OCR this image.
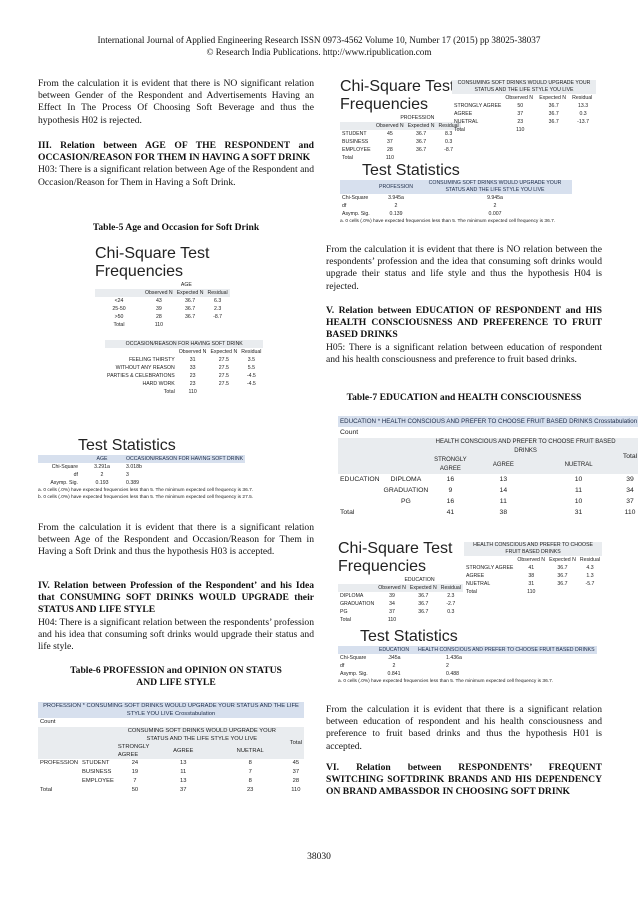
International Journal of Applied Engineering Research ISSN 0973-4562 Volume 10, Number 17 (2015) pp 38025-38037
© Research India Publications. http://www.ripublication.com

From the calculation it is evident that there is NO significant relation between Gender of the Respondent and Advertisements Having an Effect In The Process Of Choosing Soft Beverage and thus the hypothesis H02 is rejected.

III. Relation between AGE OF THE RESPONDENT and OCCASION/REASON FOR THEM IN HAVING A SOFT DRINK

H03: There is a significant relation between Age of the Respondent and Occasion/Reason for Them in Having a Soft Drink.

Table-5 Age and Occasion for Soft Drink
Chi-Square Test
Frequencies
	AGE		
	Observed N	Expected N	Residual
<24	43	36.7	6.3
25-50	39	36.7	2.3
>50	28	36.7	-8.7
Total	110		
OCCASION/REASON FOR HAVING SOFT DRINK			
	Observed N	Expected N	Residual
FEELING THIRSTY	31	27.5	3.5
WITHOUT ANY REASON	33	27.5	5.5
PARTIES & CELEBRATIONS	23	27.5	-4.5
HARD WORK	23	27.5	-4.5
Total	110		
Test Statistics
	AGE	OCCASION/REASON FOR HAVING SOFT DRINK
Chi-Square	3.291a	3.018b
df	2	3
Asymp. Sig.	0.193	0.389
a. 0 cells (.0%) have expected frequencies less than 5. The minimum expected cell frequency is 36.7.
b. 0 cells (.0%) have expected frequencies less than 5. The minimum expected cell frequency is 27.5.

From the calculation it is evident that there is a significant relation between Age of the Respondent and Occasion/Reason for Them in Having a Soft Drink and thus the hypothesis H03 is accepted.

IV. Relation between Profession of the Respondent’ and his Idea that CONSUMING SOFT DRINKS WOULD UPGRADE their STATUS AND LIFE STYLE

H04: There is a significant relation between the respondents’ profession and his idea that consuming soft drinks would upgrade their status and life style.

Table-6 PROFESSION and OPINION ON STATUS AND LIFE STYLE
PROFESSION * CONSUMING SOFT DRINKS WOULD UPGRADE YOUR STATUS AND THE LIFE STYLE YOU LIVE Crosstabulation					
Count					
		CONSUMING SOFT DRINKS WOULD UPGRADE YOUR STATUS AND THE LIFE STYLE YOU LIVE			Total
		STRONGLY AGREE	AGREE	NUETRAL	
PROFESSION	STUDENT	24	13	8	45
	BUSINESS	19	11	7	37
	EMPLOYEE	7	13	8	28
Total		50	37	23	110
Chi-Square Test
Frequencies
	PROFESSION		
	Observed N	Expected N	Residual
STUDENT	45	36.7	8.3
BUSINESS	37	36.7	0.3
EMPLOYEE	28	36.7	-8.7
Total	110		
CONSUMING SOFT DRINKS WOULD UPGRADE YOUR STATUS AND THE LIFE STYLE YOU LIVE			
	Observed N	Expected N	Residual
STRONGLY AGREE	50	36.7	13.3
AGREE	37	36.7	0.3
NUETRAL	23	36.7	-13.7
Total	110		
Test Statistics
	PROFESSION	CONSUMING SOFT DRINKS WOULD UPGRADE YOUR STATUS AND THE LIFE STYLE YOU LIVE
Chi-Square	3.945a	9.945a
df	2	2
Asymp. Sig.	0.139	0.007
a. 0 cells (.0%) have expected frequencies less than 5. The minimum expected cell frequency is 36.7.

From the calculation it is evident that there is NO relation between the respondents’ profession and the idea that consuming soft drinks would upgrade their status and life style and thus the hypothesis H04 is rejected.

V. Relation between EDUCATION OF RESPONDENT and HIS HEALTH CONSCIOUSNESS AND PREFERENCE TO FRUIT BASED DRINKS

H05: There is a significant relation between education of respondent and his health consciousness and preference to fruit based drinks.

Table-7 EDUCATION and HEALTH CONSCIOUSNESS
EDUCATION * HEALTH CONSCIOUS AND PREFER TO CHOOSE FRUIT BASED DRINKS Crosstabulation					
Count					
		HEALTH CONSCIOUS AND PREFER TO CHOOSE FRUIT BASED DRINKS			Total
		STRONGLY AGREE	AGREE	NUETRAL	
EDUCATION	DIPLOMA	16	13	10	39
	GRADUATION	9	14	11	34
	PG	16	11	10	37
Total		41	38	31	110
Chi-Square Test
Frequencies
	EDUCATION		
	Observed N	Expected N	Residual
DIPLOMA	39	36.7	2.3
GRADUATION	34	36.7	-2.7
PG	37	36.7	0.3
Total	110		
HEALTH CONSCIOUS AND PREFER TO CHOOSE FRUIT BASED DRINKS			
	Observed N	Expected N	Residual
STRONGLY AGREE	41	36.7	4.3
AGREE	38	36.7	1.3
NUETRAL	31	36.7	-5.7
Total	110		
Test Statistics
	EDUCATION	HEALTH CONSCIOUS AND PREFER TO CHOOSE FRUIT BASED DRINKS
Chi-Square	.345a	1.436a
df	2	2
Asymp. Sig.	0.841	0.488
a. 0 cells (.0%) have expected frequencies less than 5. The minimum expected cell frequency is 36.7.

From the calculation it is evident that there is a significant relation between education of respondent and his health consciousness and preference to fruit based drinks and thus the hypothesis H01 is accepted.

VI. Relation between RESPONDENTS’ FREQUENT SWITCHING SOFTDRINK BRANDS AND HIS DEPENDENCY ON BRAND AMBASSDOR IN CHOOSING SOFT DRINK
38030
